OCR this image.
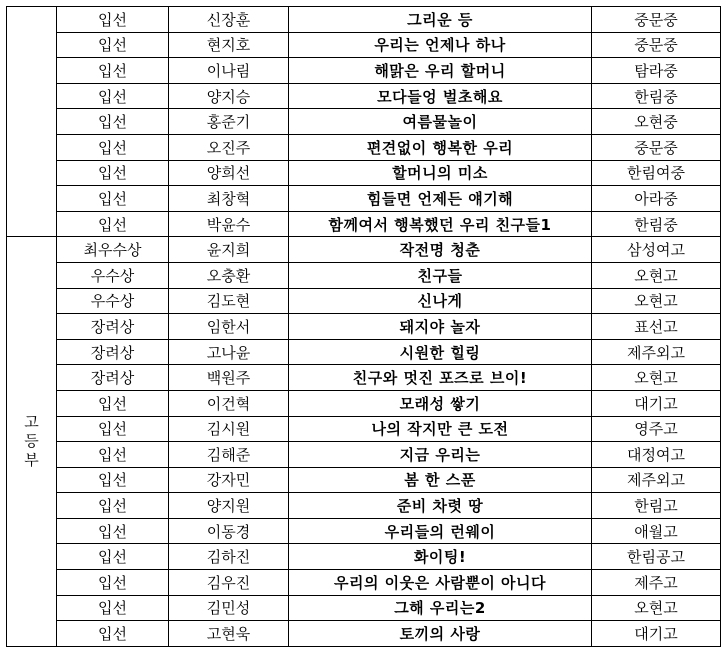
	입선	신장훈	그리운 등	중문중
	입선	현지호	우리는 언제나 하나	중문중
	입선	이나림	해맑은 우리 할머니	탐라중
	입선	양지승	모다들엉 벌초해요	한림중
	입선	홍준기	여름물놀이	오현중
	입선	오진주	편견없이 행복한 우리	중문중
	입선	양희선	할머니의 미소	한림여중
	입선	최창혁	힘들면 언제든 얘기해	아라중
	입선	박윤수	함께여서 행복했던 우리 친구들1	한림중
고등부	최우수상	윤지희	작전명 청춘	삼성여고
	우수상	오충환	친구들	오현고
	우수상	김도현	신나게	오현고
	장려상	임한서	돼지야 놀자	표선고
	장려상	고나윤	시원한 힐링	제주외고
	장려상	백원주	친구와 멋진 포즈로 브이!	오현고
	입선	이건혁	모래성 쌓기	대기고
	입선	김시원	나의 작지만 큰 도전	영주고
	입선	김해준	지금 우리는	대정여고
	입선	강자민	봄 한 스푼	제주외고
	입선	양지원	준비 차렷 땅	한림고
	입선	이동경	우리들의 런웨이	애월고
	입선	김하진	화이팅!	한림공고
	입선	김우진	우리의 이웃은 사람뿐이 아니다	제주고
	입선	김민성	그해 우리는2	오현고
	입선	고현욱	토끼의 사랑	대기고
